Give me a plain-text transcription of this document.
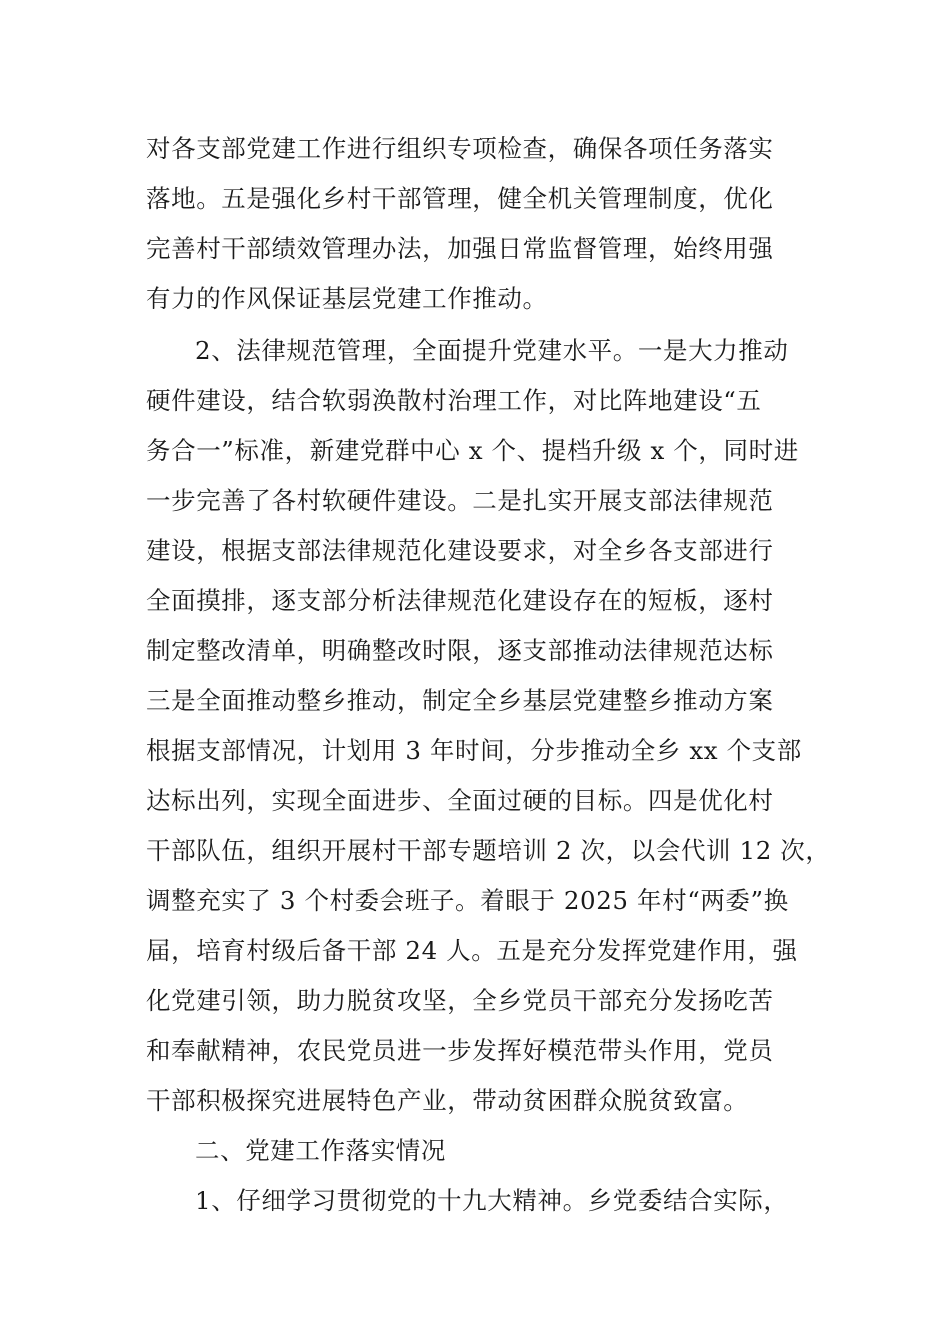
对各支部党建工作进行组织专项检查，确保各项任务落实
落地。五是强化乡村干部管理，健全机关管理制度，优化
完善村干部绩效管理办法，加强日常监督管理，始终用强
有力的作风保证基层党建工作推动。
2、法律规范管理，全面提升党建水平。一是大力推动
硬件建设，结合软弱涣散村治理工作，对比阵地建设“五
务合一”标准，新建党群中心 x 个、提档升级 x 个，同时进
一步完善了各村软硬件建设。二是扎实开展支部法律规范
建设，根据支部法律规范化建设要求，对全乡各支部进行
全面摸排，逐支部分析法律规范化建设存在的短板，逐村
制定整改清单，明确整改时限，逐支部推动法律规范达标
三是全面推动整乡推动，制定全乡基层党建整乡推动方案
根据支部情况，计划用 3 年时间，分步推动全乡 xx 个支部
达标出列，实现全面进步、全面过硬的目标。四是优化村
干部队伍，组织开展村干部专题培训 2 次，以会代训 12 次，
调整充实了 3 个村委会班子。着眼于 2025 年村“两委”换
届，培育村级后备干部 24 人。五是充分发挥党建作用，强
化党建引领，助力脱贫攻坚，全乡党员干部充分发扬吃苦
和奉献精神，农民党员进一步发挥好模范带头作用，党员
干部积极探究进展特色产业，带动贫困群众脱贫致富。
二、党建工作落实情况
1、仔细学习贯彻党的十九大精神。乡党委结合实际，
